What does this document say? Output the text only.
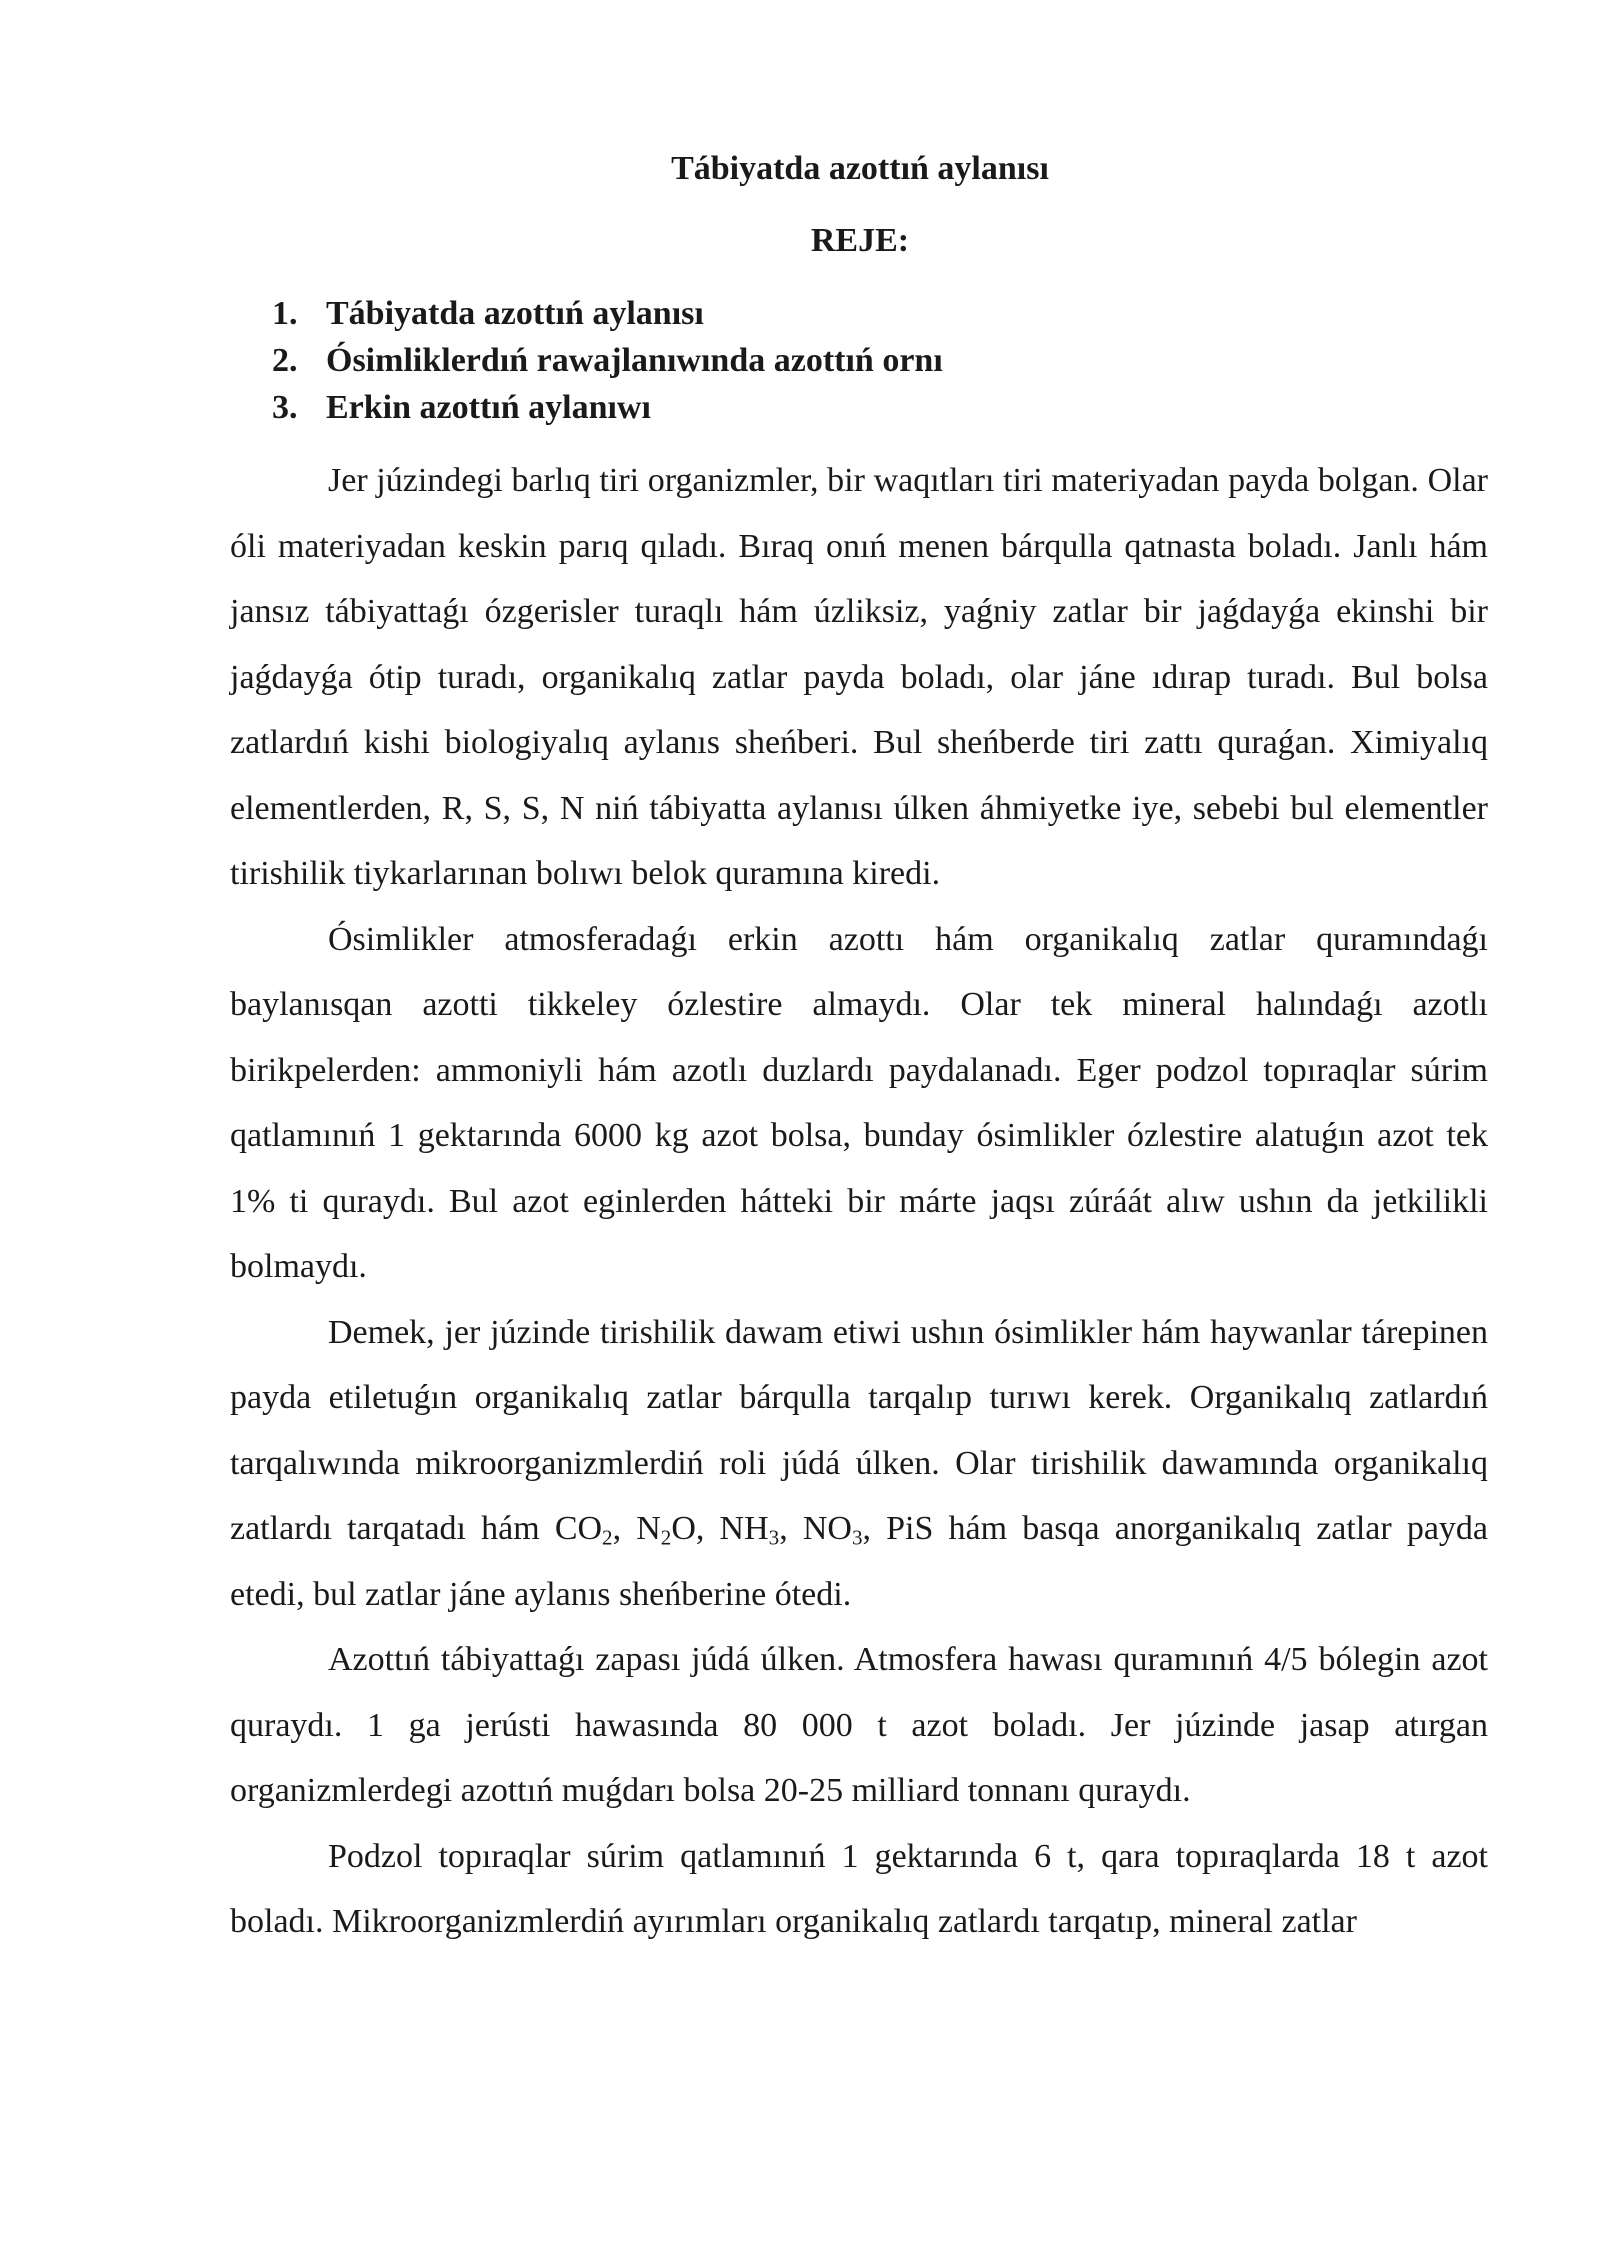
Tábiyatda azottıń aylanısı
REJE:
1. Tábiyatda azottıń aylanısı
2. Ósimliklerdıń rawajlanıwında azottıń ornı
3. Erkin azottıń aylanıwı

Jer júzindegi barlıq tiri organizmler, bir waqıtları tiri materiyadan payda bolgan. Olar óli materiyadan keskin parıq qıladı. Bıraq onıń menen bárqulla qatnasta boladı. Janlı hám jansız tábiyattaǵı ózgerisler turaqlı hám úzliksiz, yaǵniy zatlar bir jaǵdayǵa ekinshi bir jaǵdayǵa ótip turadı, organikalıq zatlar payda boladı, olar jáne ıdırap turadı. Bul bolsa zatlardıń kishi biologiyalıq aylanıs sheńberi. Bul sheńberde tiri zattı quraǵan. Ximiyalıq elementlerden, R, S, S, N niń tábiyatta aylanısı úlken áhmiyetke iye, sebebi bul elementler tirishilik tiykarlarınan bolıwı belok quramına kiredi.

Ósimlikler atmosferadaǵı erkin azottı hám organikalıq zatlar quramındaǵı baylanısqan azotti tikkeley ózlestire almaydı. Olar tek mineral halındaǵı azotlı birikpelerden: ammoniyli hám azotlı duzlardı paydalanadı. Eger podzol topıraqlar súrim qatlamınıń 1 gektarında 6000 kg azot bolsa, bunday ósimlikler ózlestire alatuǵın azot tek 1% ti quraydı. Bul azot eginlerden hátteki bir márte jaqsı zúráát alıw ushın da jetkilikli bolmaydı.

Demek, jer júzinde tirishilik dawam etiwi ushın ósimlikler hám haywanlar tárepinen payda etiletuǵın organikalıq zatlar bárqulla tarqalıp turıwı kerek. Organikalıq zatlardıń tarqalıwında mikroorganizmlerdiń roli júdá úlken. Olar tirishilik dawamında organikalıq zatlardı tarqatadı hám $CO_2$, $N_2O$, $NH_3$, $NO_3$, PiS hám basqa anorganikalıq zatlar payda etedi, bul zatlar jáne aylanıs sheńberine ótedi.

Azottıń tábiyattaǵı zapası júdá úlken. Atmosfera hawası quramınıń 4/5 bólegin azot quraydı. 1 ga jerústi hawasında 80 000 t azot boladı. Jer júzinde jasap atırgan organizmlerdegi azottıń muǵdarı bolsa 20-25 milliard tonnanı quraydı.

Podzol topıraqlar súrim qatlamınıń 1 gektarında 6 t, qara topıraqlarda 18 t azot boladı. Mikroorganizmlerdiń ayırımları organikalıq zatlardı tarqatıp, mineral zatlar
